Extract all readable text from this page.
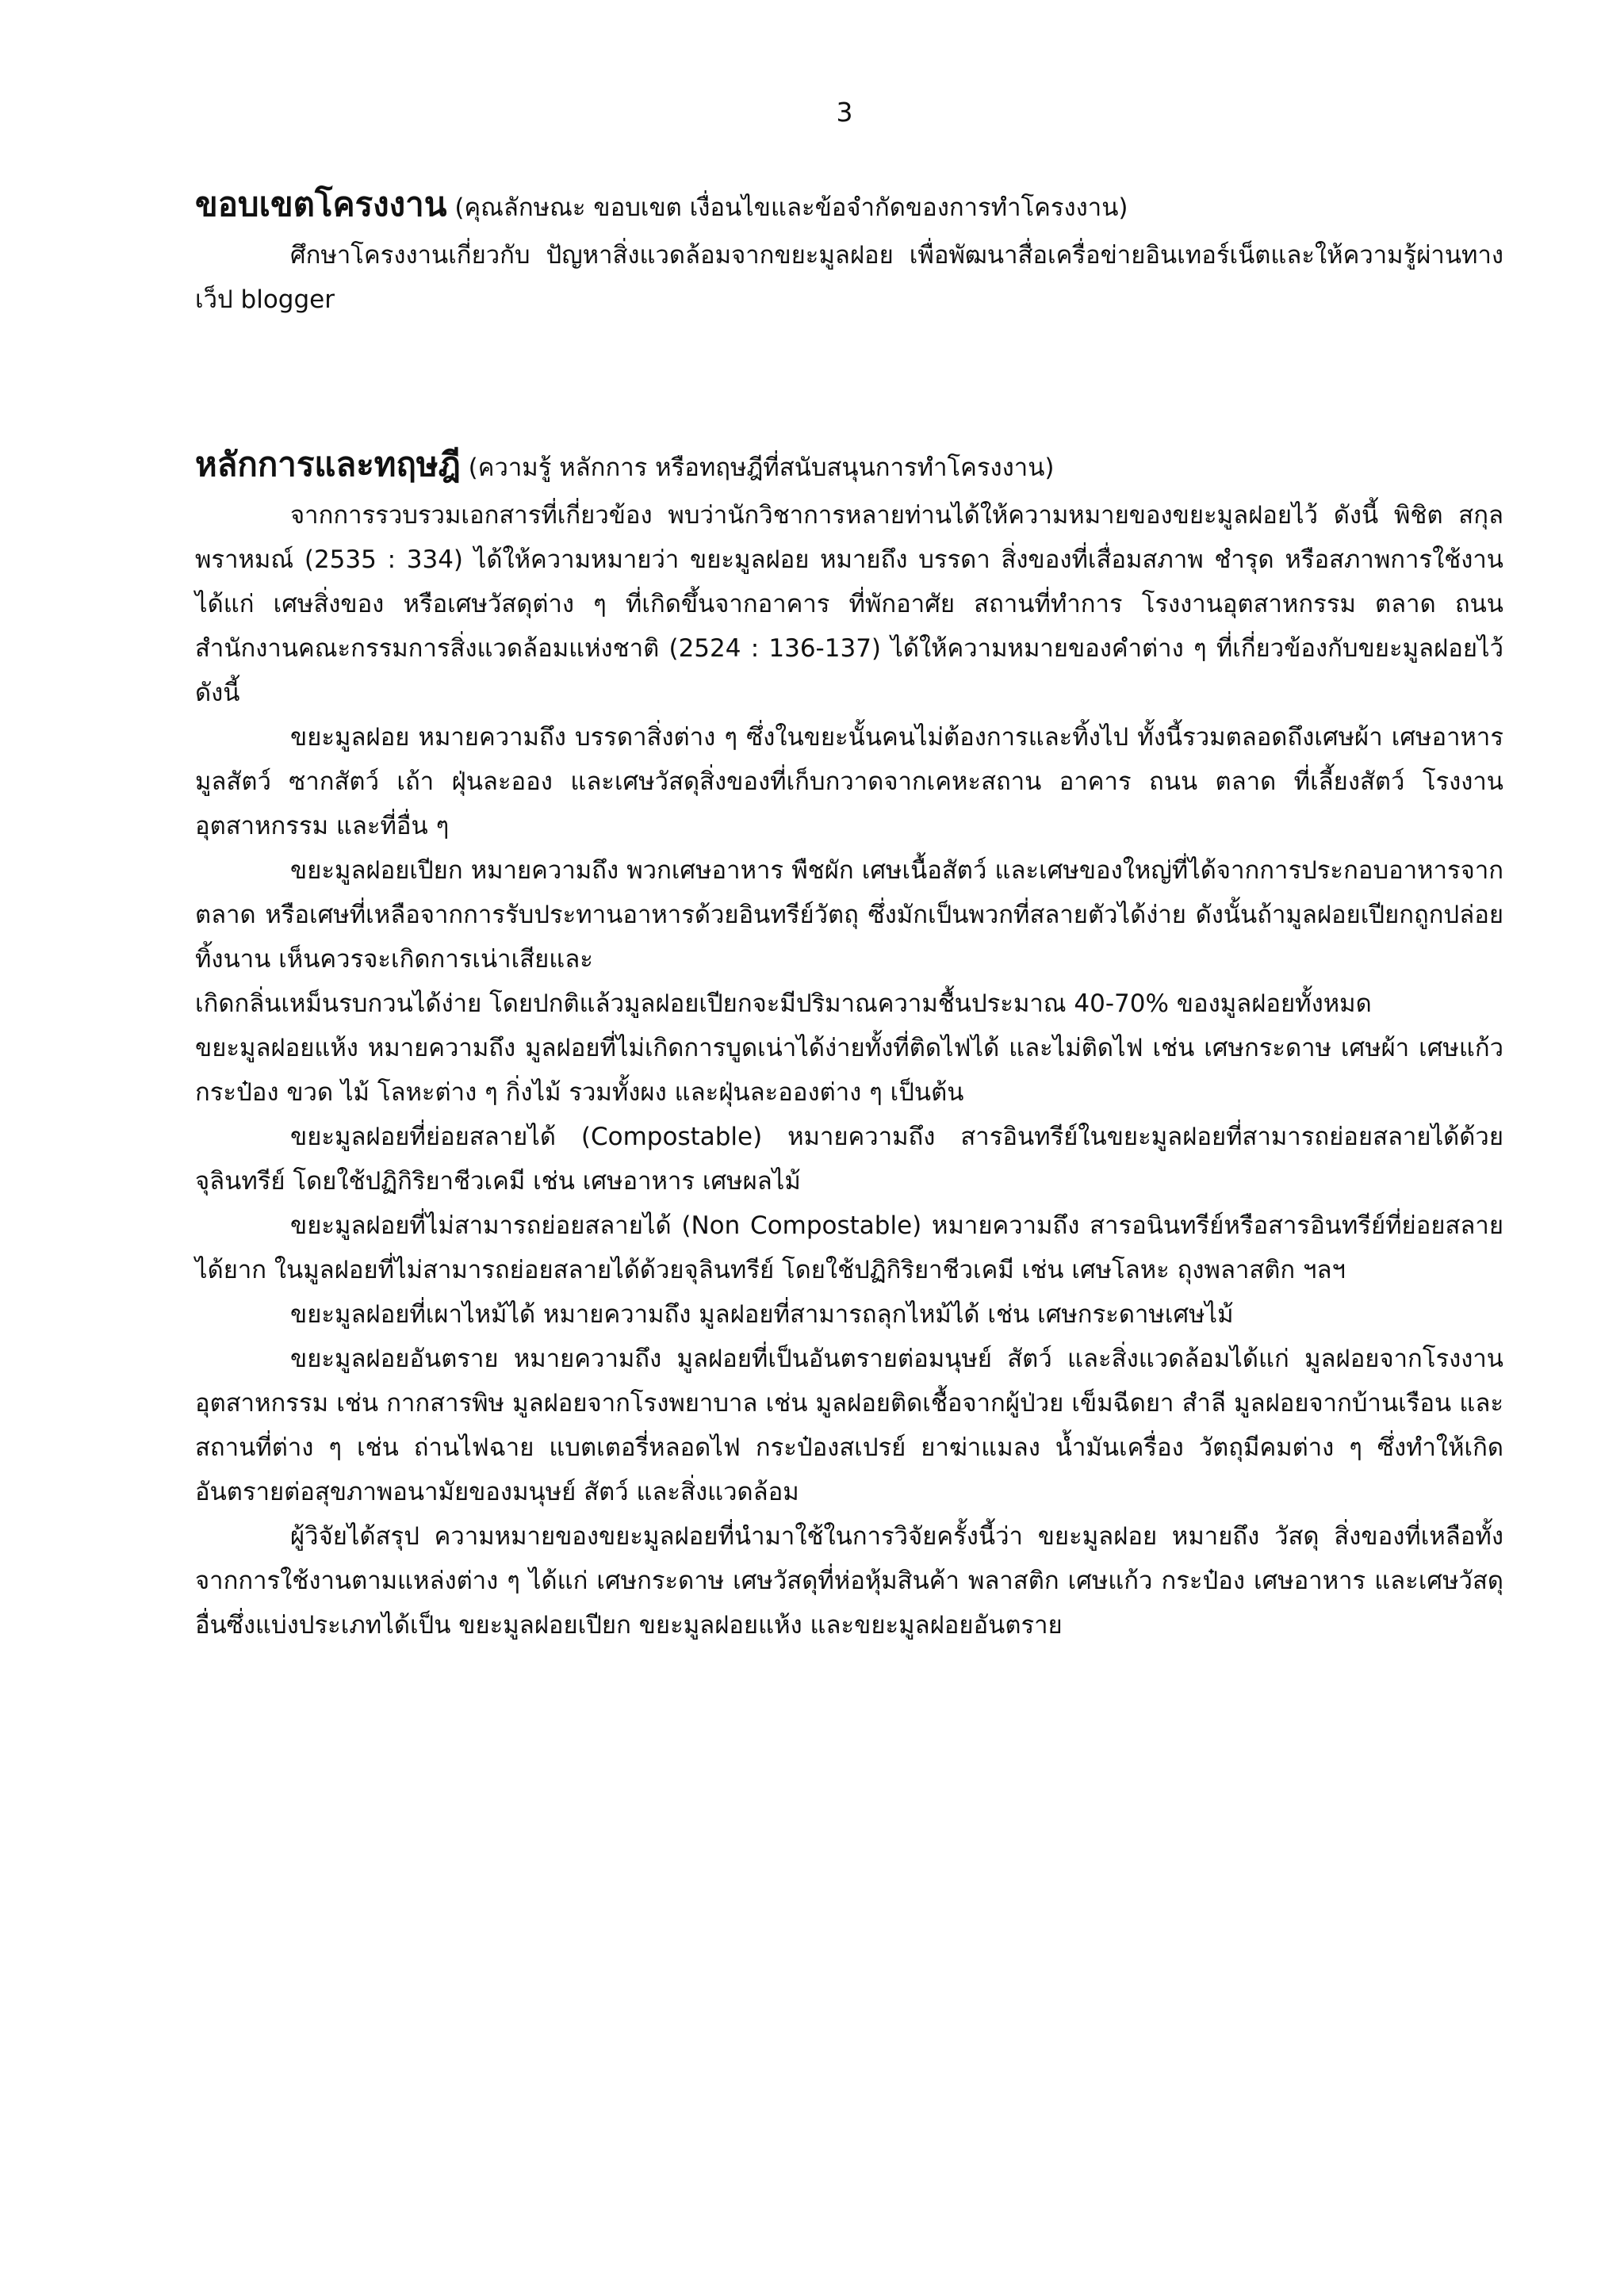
3

ขอบเขตโครงงาน (คุณลักษณะ ขอบเขต เงื่อนไขและข้อจำกัดของการทำโครงงาน)

ศึกษาโครงงานเกี่ยวกับ ปัญหาสิ่งแวดล้อมจากขยะมูลฝอย เพื่อพัฒนาสื่อเครื่อข่ายอินเทอร์เน็ตและให้ความรู้ผ่านทาง เว็ป blogger

หลักการและทฤษฎี (ความรู้ หลักการ หรือทฤษฎีที่สนับสนุนการทำโครงงาน)

จากการรวบรวมเอกสารที่เกี่ยวข้อง พบว่านักวิชาการหลายท่านได้ให้ความหมายของขยะมูลฝอยไว้ ดังนี้ พิชิต สกุลพราหมณ์ (2535 : 334) ได้ให้ความหมายว่า ขยะมูลฝอย หมายถึง บรรดา สิ่งของที่เสื่อมสภาพ ชำรุด หรือสภาพการใช้งาน ได้แก่ เศษสิ่งของ หรือเศษวัสดุต่าง ๆ ที่เกิดขึ้นจากอาคาร ที่พักอาศัย สถานที่ทำการ โรงงานอุตสาหกรรม ตลาด ถนน สำนักงานคณะกรรมการสิ่งแวดล้อมแห่งชาติ (2524 : 136-137) ได้ให้ความหมายของคำต่าง ๆ ที่เกี่ยวข้องกับขยะมูลฝอยไว้ ดังนี้

ขยะมูลฝอย หมายความถึง บรรดาสิ่งต่าง ๆ ซึ่งในขยะนั้นคนไม่ต้องการและทิ้งไป ทั้งนี้รวมตลอดถึงเศษผ้า เศษอาหาร มูลสัตว์ ซากสัตว์ เถ้า ฝุ่นละออง และเศษวัสดุสิ่งของที่เก็บกวาดจากเคหะสถาน อาคาร ถนน ตลาด ที่เลี้ยงสัตว์ โรงงานอุตสาหกรรม และที่อื่น ๆ

ขยะมูลฝอยเปียก หมายความถึง พวกเศษอาหาร พืชผัก เศษเนื้อสัตว์ และเศษของใหญ่ที่ได้จากการประกอบอาหารจากตลาด หรือเศษที่เหลือจากการรับประทานอาหารด้วยอินทรีย์วัตถุ ซึ่งมักเป็นพวกที่สลายตัวได้ง่าย ดังนั้นถ้ามูลฝอยเปียกถูกปล่อยทิ้งนาน เห็นควรจะเกิดการเน่าเสียและ

เกิดกลิ่นเหม็นรบกวนได้ง่าย โดยปกติแล้วมูลฝอยเปียกจะมีปริมาณความชื้นประมาณ 40-70% ของมูลฝอยทั้งหมด

ขยะมูลฝอยแห้ง หมายความถึง มูลฝอยที่ไม่เกิดการบูดเน่าได้ง่ายทั้งที่ติดไฟได้ และไม่ติดไฟ เช่น เศษกระดาษ เศษผ้า เศษแก้ว กระป๋อง ขวด ไม้ โลหะต่าง ๆ กิ่งไม้ รวมทั้งผง และฝุ่นละอองต่าง ๆ เป็นต้น

ขยะมูลฝอยที่ย่อยสลายได้ (Compostable) หมายความถึง สารอินทรีย์ในขยะมูลฝอยที่สามารถย่อยสลายได้ด้วยจุลินทรีย์ โดยใช้ปฏิกิริยาชีวเคมี เช่น เศษอาหาร เศษผลไม้

ขยะมูลฝอยที่ไม่สามารถย่อยสลายได้ (Non Compostable) หมายความถึง สารอนินทรีย์หรือสารอินทรีย์ที่ย่อยสลายได้ยาก ในมูลฝอยที่ไม่สามารถย่อยสลายได้ด้วยจุลินทรีย์ โดยใช้ปฏิกิริยาชีวเคมี เช่น เศษโลหะ ถุงพลาสติก ฯลฯ

ขยะมูลฝอยที่เผาไหม้ได้ หมายความถึง มูลฝอยที่สามารถลุกไหม้ได้ เช่น เศษกระดาษเศษไม้

ขยะมูลฝอยอันตราย หมายความถึง มูลฝอยที่เป็นอันตรายต่อมนุษย์ สัตว์ และสิ่งแวดล้อมได้แก่ มูลฝอยจากโรงงานอุตสาหกรรม เช่น กากสารพิษ มูลฝอยจากโรงพยาบาล เช่น มูลฝอยติดเชื้อจากผู้ป่วย เข็มฉีดยา สำลี มูลฝอยจากบ้านเรือน และสถานที่ต่าง ๆ เช่น ถ่านไฟฉาย แบตเตอรี่หลอดไฟ กระป๋องสเปรย์ ยาฆ่าแมลง น้ำมันเครื่อง วัตถุมีคมต่าง ๆ ซึ่งทำให้เกิดอันตรายต่อสุขภาพอนามัยของมนุษย์ สัตว์ และสิ่งแวดล้อม

ผู้วิจัยได้สรุป ความหมายของขยะมูลฝอยที่นำมาใช้ในการวิจัยครั้งนี้ว่า ขยะมูลฝอย หมายถึง วัสดุ สิ่งของที่เหลือทั้งจากการใช้งานตามแหล่งต่าง ๆ ได้แก่ เศษกระดาษ เศษวัสดุที่ห่อหุ้มสินค้า พลาสติก เศษแก้ว กระป๋อง เศษอาหาร และเศษวัสดุอื่นซึ่งแบ่งประเภทได้เป็น ขยะมูลฝอยเปียก ขยะมูลฝอยแห้ง และขยะมูลฝอยอันตราย
